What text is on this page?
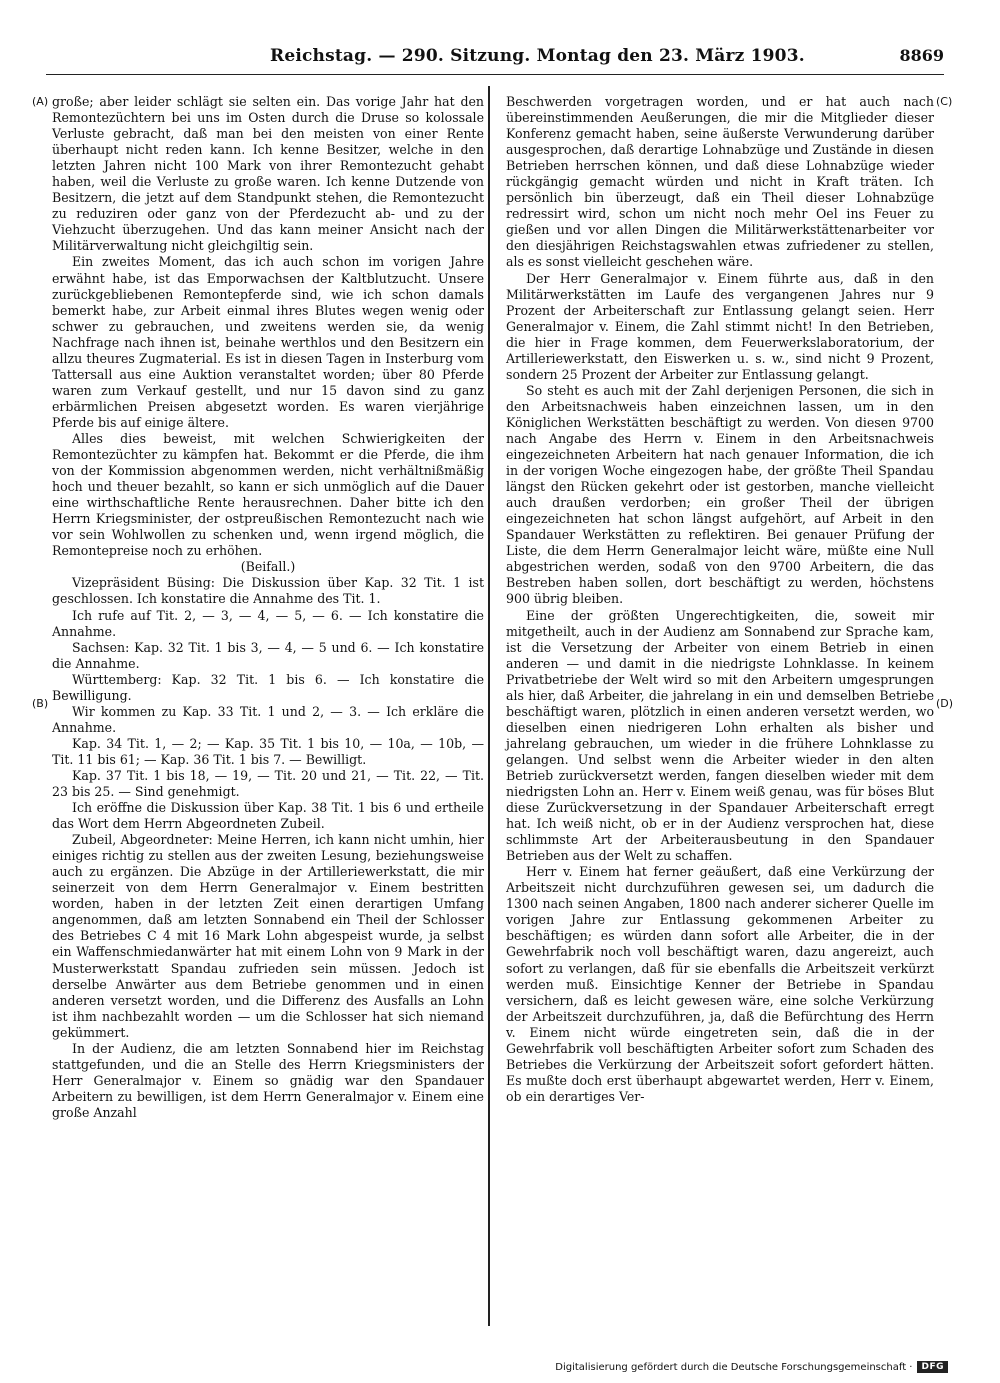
Reichstag. — 290. Sitzung. Montag den 23. März 1903.	8869
(A)
(B)
(C)
(D)

große; aber leider schlägt sie selten ein. Das vorige Jahr hat den Remontezüchtern bei uns im Osten durch die Druse so kolossale Verluste gebracht, daß man bei den meisten von einer Rente überhaupt nicht reden kann. Ich kenne Besitzer, welche in den letzten Jahren nicht 100 Mark von ihrer Remontezucht gehabt haben, weil die Verluste zu große waren. Ich kenne Dutzende von Besitzern, die jetzt auf dem Standpunkt stehen, die Remontezucht zu reduziren oder ganz von der Pferdezucht ab- und zu der Viehzucht überzugehen. Und das kann meiner Ansicht nach der Militärverwaltung nicht gleichgiltig sein.

Ein zweites Moment, das ich auch schon im vorigen Jahre erwähnt habe, ist das Emporwachsen der Kaltblutzucht. Unsere zurückgebliebenen Remontepferde sind, wie ich schon damals bemerkt habe, zur Arbeit einmal ihres Blutes wegen wenig oder schwer zu gebrauchen, und zweitens werden sie, da wenig Nachfrage nach ihnen ist, beinahe werthlos und den Besitzern ein allzu theures Zugmaterial. Es ist in diesen Tagen in Insterburg vom Tattersall aus eine Auktion veranstaltet worden; über 80 Pferde waren zum Verkauf gestellt, und nur 15 davon sind zu ganz erbärmlichen Preisen abgesetzt worden. Es waren vierjährige Pferde bis auf einige ältere.

Alles dies beweist, mit welchen Schwierigkeiten der Remontezüchter zu kämpfen hat. Bekommt er die Pferde, die ihm von der Kommission abgenommen werden, nicht verhältnißmäßig hoch und theuer bezahlt, so kann er sich unmöglich auf die Dauer eine wirthschaftliche Rente herausrechnen. Daher bitte ich den Herrn Kriegsminister, der ostpreußischen Remontezucht nach wie vor sein Wohlwollen zu schenken und, wenn irgend möglich, die Remontepreise noch zu erhöhen.

(Beifall.)

Vizepräsident Büsing: Die Diskussion über Kap. 32 Tit. 1 ist geschlossen. Ich konstatire die Annahme des Tit. 1.

Ich rufe auf Tit. 2, — 3, — 4, — 5, — 6. — Ich konstatire die Annahme.

Sachsen: Kap. 32 Tit. 1 bis 3, — 4, — 5 und 6. — Ich konstatire die Annahme.

Württemberg: Kap. 32 Tit. 1 bis 6. — Ich konstatire die Bewilligung.

Wir kommen zu Kap. 33 Tit. 1 und 2, — 3. — Ich erkläre die Annahme.

Kap. 34 Tit. 1, — 2; — Kap. 35 Tit. 1 bis 10, — 10a, — 10b, — Tit. 11 bis 61; — Kap. 36 Tit. 1 bis 7. — Bewilligt.

Kap. 37 Tit. 1 bis 18, — 19, — Tit. 20 und 21, — Tit. 22, — Tit. 23 bis 25. — Sind genehmigt.

Ich eröffne die Diskussion über Kap. 38 Tit. 1 bis 6 und ertheile das Wort dem Herrn Abgeordneten Zubeil.

Zubeil, Abgeordneter: Meine Herren, ich kann nicht umhin, hier einiges richtig zu stellen aus der zweiten Lesung, beziehungsweise auch zu ergänzen. Die Abzüge in der Artilleriewerkstatt, die mir seinerzeit von dem Herrn Generalmajor v. Einem bestritten worden, haben in der letzten Zeit einen derartigen Umfang angenommen, daß am letzten Sonnabend ein Theil der Schlosser des Betriebes C 4 mit 16 Mark Lohn abgespeist wurde, ja selbst ein Waffenschmiedanwärter hat mit einem Lohn von 9 Mark in der Musterwerkstatt Spandau zufrieden sein müssen. Jedoch ist derselbe Anwärter aus dem Betriebe genommen und in einen anderen versetzt worden, und die Differenz des Ausfalls an Lohn ist ihm nachbezahlt worden — um die Schlosser hat sich niemand gekümmert.

In der Audienz, die am letzten Sonnabend hier im Reichstag stattgefunden, und die an Stelle des Herrn Kriegsministers der Herr Generalmajor v. Einem so gnädig war den Spandauer Arbeitern zu bewilligen, ist dem Herrn Generalmajor v. Einem eine große Anzahl

Beschwerden vorgetragen worden, und er hat auch nach übereinstimmenden Aeußerungen, die mir die Mitglieder dieser Konferenz gemacht haben, seine äußerste Verwunderung darüber ausgesprochen, daß derartige Lohnabzüge und Zustände in diesen Betrieben herrschen können, und daß diese Lohnabzüge wieder rückgängig gemacht würden und nicht in Kraft träten. Ich persönlich bin überzeugt, daß ein Theil dieser Lohnabzüge redressirt wird, schon um nicht noch mehr Oel ins Feuer zu gießen und vor allen Dingen die Militärwerkstättenarbeiter vor den diesjährigen Reichstagswahlen etwas zufriedener zu stellen, als es sonst vielleicht geschehen wäre.

Der Herr Generalmajor v. Einem führte aus, daß in den Militärwerkstätten im Laufe des vergangenen Jahres nur 9 Prozent der Arbeiterschaft zur Entlassung gelangt seien. Herr Generalmajor v. Einem, die Zahl stimmt nicht! In den Betrieben, die hier in Frage kommen, dem Feuerwerkslaboratorium, der Artilleriewerkstatt, den Eiswerken u. s. w., sind nicht 9 Prozent, sondern 25 Prozent der Arbeiter zur Entlassung gelangt.

So steht es auch mit der Zahl derjenigen Personen, die sich in den Arbeitsnachweis haben einzeichnen lassen, um in den Königlichen Werkstätten beschäftigt zu werden. Von diesen 9700 nach Angabe des Herrn v. Einem in den Arbeitsnachweis eingezeichneten Arbeitern hat nach genauer Information, die ich in der vorigen Woche eingezogen habe, der größte Theil Spandau längst den Rücken gekehrt oder ist gestorben, manche vielleicht auch draußen verdorben; ein großer Theil der übrigen eingezeichneten hat schon längst aufgehört, auf Arbeit in den Spandauer Werkstätten zu reflektiren. Bei genauer Prüfung der Liste, die dem Herrn Generalmajor leicht wäre, müßte eine Null abgestrichen werden, sodaß von den 9700 Arbeitern, die das Bestreben haben sollen, dort beschäftigt zu werden, höchstens 900 übrig bleiben.

Eine der größten Ungerechtigkeiten, die, soweit mir mitgetheilt, auch in der Audienz am Sonnabend zur Sprache kam, ist die Versetzung der Arbeiter von einem Betrieb in einen anderen — und damit in die niedrigste Lohnklasse. In keinem Privatbetriebe der Welt wird so mit den Arbeitern umgesprungen als hier, daß Arbeiter, die jahrelang in ein und demselben Betriebe beschäftigt waren, plötzlich in einen anderen versetzt werden, wo dieselben einen niedrigeren Lohn erhalten als bisher und jahrelang gebrauchen, um wieder in die frühere Lohnklasse zu gelangen. Und selbst wenn die Arbeiter wieder in den alten Betrieb zurückversetzt werden, fangen dieselben wieder mit dem niedrigsten Lohn an. Herr v. Einem weiß genau, was für böses Blut diese Zurückversetzung in der Spandauer Arbeiterschaft erregt hat. Ich weiß nicht, ob er in der Audienz versprochen hat, diese schlimmste Art der Arbeiterausbeutung in den Spandauer Betrieben aus der Welt zu schaffen.

Herr v. Einem hat ferner geäußert, daß eine Verkürzung der Arbeitszeit nicht durchzuführen gewesen sei, um dadurch die 1300 nach seinen Angaben, 1800 nach anderer sicherer Quelle im vorigen Jahre zur Entlassung gekommenen Arbeiter zu beschäftigen; es würden dann sofort alle Arbeiter, die in der Gewehrfabrik noch voll beschäftigt waren, dazu angereizt, auch sofort zu verlangen, daß für sie ebenfalls die Arbeitszeit verkürzt werden muß. Einsichtige Kenner der Betriebe in Spandau versichern, daß es leicht gewesen wäre, eine solche Verkürzung der Arbeitszeit durchzuführen, ja, daß die Befürchtung des Herrn v. Einem nicht würde eingetreten sein, daß die in der Gewehrfabrik voll beschäftigten Arbeiter sofort zum Schaden des Betriebes die Verkürzung der Arbeitszeit sofort gefordert hätten. Es mußte doch erst überhaupt abgewartet werden, Herr v. Einem, ob ein derartiges Ver-

Digitalisierung gefördert durch die Deutsche Forschungsgemeinschaft ·	DFG
